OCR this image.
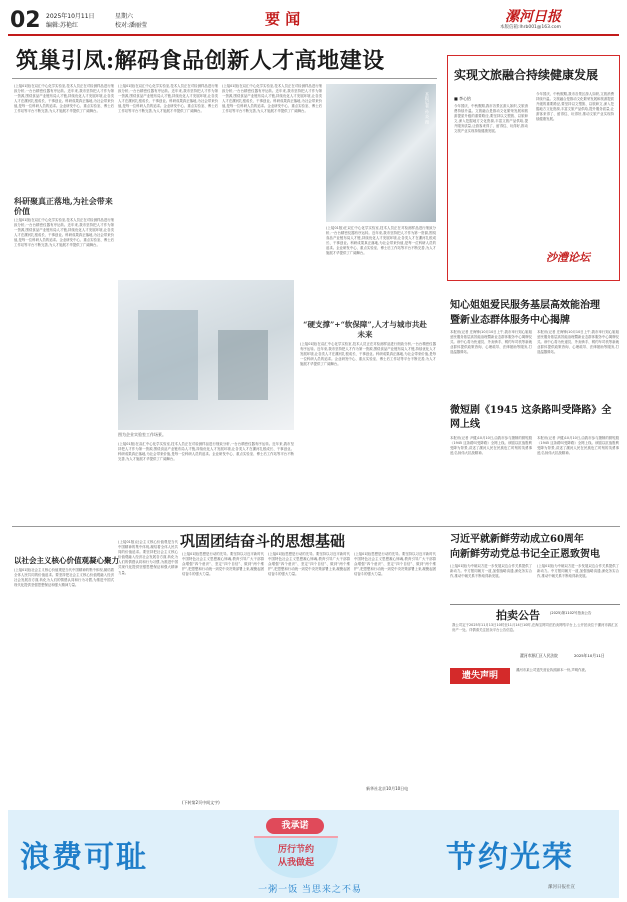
02 2025年10月11日	星期六
编辑:苏艳红	校对:潘丽莹	要 闻	漯河日报
本版信箱:lhrb001@163.com
筑巢引凤:解码食品创新人才高地建设
(上接01版)在双汇中心化学实验室,技术人员正在对检测样品进行细致分析,一台台精密仪器有序运转。近年来,我市坚持把人才作为第一资源,围绕食品产业链布局人才链,持续优化人才发展环境,让各类人才在漯河扎根成长、干事创业。科研成果真正落地,为社会带来价值,是每一位科研人员的追求。企业研发中心、重点实验室、博士后工作站等平台不断完善,为人才施展才华提供了广阔舞台。
科研聚真正落地,为社会带来价值
(上接01版)在双汇中心化学实验室,技术人员正在对检测样品进行细致分析,一台台精密仪器有序运转。近年来,我市坚持把人才作为第一资源,围绕食品产业链布局人才链,持续优化人才发展环境,让各类人才在漯河扎根成长、干事创业。科研成果真正落地,为社会带来价值,是每一位科研人员的追求。企业研发中心、重点实验室、博士后工作站等平台不断完善,为人才施展才华提供了广阔舞台。
(上接01版)在双汇中心化学实验室,技术人员正在对检测样品进行细致分析,一台台精密仪器有序运转。近年来,我市坚持把人才作为第一资源,围绕食品产业链布局人才链,持续优化人才发展环境,让各类人才在漯河扎根成长、干事创业。科研成果真正落地,为社会带来价值,是每一位科研人员的追求。企业研发中心、重点实验室、博士后工作站等平台不断完善,为人才施展才华提供了广阔舞台。
(上接01版)在双汇中心化学实验室,技术人员正在对检测样品进行细致分析,一台台精密仪器有序运转。近年来,我市坚持把人才作为第一资源,围绕食品产业链布局人才链,持续优化人才发展环境,让各类人才在漯河扎根成长、干事创业。科研成果真正落地,为社会带来价值,是每一位科研人员的追求。企业研发中心、重点实验室、博士后工作站等平台不断完善,为人才施展才华提供了广阔舞台。	本报记者 孙 炎 摄
(上接01版)在双汇中心化学实验室,技术人员正在对检测样品进行细致分析,一台台精密仪器有序运转。近年来,我市坚持把人才作为第一资源,围绕食品产业链布局人才链,持续优化人才发展环境,让各类人才在漯河扎根成长、干事创业。科研成果真正落地,为社会带来价值,是每一位科研人员的追求。企业研发中心、重点实验室、博士后工作站等平台不断完善,为人才施展才华提供了广阔舞台。
图为企业实验室工作场景。
“硬支撑”+“软保障”,人才与城市共赴未来
(上接01版)在双汇中心化学实验室,技术人员正在对检测样品进行细致分析,一台台精密仪器有序运转。近年来,我市坚持把人才作为第一资源,围绕食品产业链布局人才链,持续优化人才发展环境,让各类人才在漯河扎根成长、干事创业。科研成果真正落地,为社会带来价值,是每一位科研人员的追求。企业研发中心、重点实验室、博士后工作站等平台不断完善,为人才施展才华提供了广阔舞台。
(上接01版)在双汇中心化学实验室,技术人员正在对检测样品进行细致分析,一台台精密仪器有序运转。近年来,我市坚持把人才作为第一资源,围绕食品产业链布局人才链,持续优化人才发展环境,让各类人才在漯河扎根成长、干事创业。科研成果真正落地,为社会带来价值,是每一位科研人员的追求。企业研发中心、重点实验室、博士后工作站等平台不断完善,为人才施展才华提供了广阔舞台。
实现文旅融合持续健康发展
■ 李心怡
今年国庆、中秋假期,我市各景区游人如织,文旅消费持续升温。文旅融合是推动文化繁荣发展和旅游提质升级的重要路径,要坚持以文塑旅、以旅彰文,深入挖掘地方文化资源,丰富文旅产品供给,提升服务质量,让游客来得了、留得住、玩得好,推动文旅产业实现持续健康发展。
今年国庆、中秋假期,我市各景区游人如织,文旅消费持续升温。文旅融合是推动文化繁荣发展和旅游提质升级的重要路径,要坚持以文塑旅、以旅彰文,深入挖掘地方文化资源,丰富文旅产品供给,提升服务质量,让游客来得了、留得住、玩得好,推动文旅产业实现持续健康发展。
沙澧论坛
知心姐姐爱民服务基层高效能治理
暨新业态群体服务中心揭牌
本报讯(记者 庄海锋)10月10日上午,我市举行知心姐姐爱民服务基层高效能治理暨新业态群体服务中心揭牌仪式。该中心将为快递员、外卖骑手、网约车司机等新就业群体提供政策咨询、心理疏导、法律援助等服务,打造温馨驿站。
本报讯(记者 庄海锋)10月10日上午,我市举行知心姐姐爱民服务基层高效能治理暨新业态群体服务中心揭牌仪式。该中心将为快递员、外卖骑手、网约车司机等新就业群体提供政策咨询、心理疏导、法律援助等服务,打造温馨驿站。
微短剧《1945 这条路叫受降路》全网上线
本报讯(记者 尹健)10月10日,由我市参与摄制的微短剧《1945 这条路叫受降路》全网上线。该剧以抗战胜利受降为背景,讲述了漯河人民在民族危亡时刻的英勇事迹,弘扬伟大抗战精神。
本报讯(记者 尹健)10月10日,由我市参与摄制的微短剧《1945 这条路叫受降路》全网上线。该剧以抗战胜利受降为背景,讲述了漯河人民在民族危亡时刻的英勇事迹,弘扬伟大抗战精神。
以社会主义核心价值观凝心聚力
(上接01版)社会主义核心价值观是当代中国精神的集中体现,凝结着全体人民共同的价值追求。要坚持把社会主义核心价值观融入经济社会发展各方面,转化为人们的情感认同和行为习惯,为推进中国式现代化提供坚强思想保证和强大精神力量。
(上接01版)社会主义核心价值观是当代中国精神的集中体现,凝结着全体人民共同的价值追求。要坚持把社会主义核心价值观融入经济社会发展各方面,转化为人们的情感认同和行为习惯,为推进中国式现代化提供坚强思想保证和强大精神力量。
巩固团结奋斗的思想基础
(上接01版)思想是行动的先导。要坚持以习近平新时代中国特色社会主义思想凝心铸魂,教育引导广大干部群众增强“四个意识”、坚定“四个自信”、做到“两个维护”,把思想和行动统一到党中央决策部署上来,凝聚起团结奋斗的强大力量。
(上接01版)思想是行动的先导。要坚持以习近平新时代中国特色社会主义思想凝心铸魂,教育引导广大干部群众增强“四个意识”、坚定“四个自信”、做到“两个维护”,把思想和行动统一到党中央决策部署上来,凝聚起团结奋斗的强大力量。
(上接01版)思想是行动的先导。要坚持以习近平新时代中国特色社会主义思想凝心铸魂,教育引导广大干部群众增强“四个意识”、坚定“四个自信”、做到“两个维护”,把思想和行动统一到党中央决策部署上来,凝聚起团结奋斗的强大力量。
新华社北京10月10日电
(下转第2页中间文字)
习近平就新鲜劳动成立60周年
向新鲜劳动党总书记全正恩致贺电
(上接01版)为中朝双方进一步发展双边合作关系提供了新动力。中方愿同朝方一道,加强战略沟通,深化务实合作,推动中朝关系不断取得新发展。
(上接01版)为中朝双方进一步发展双边合作关系提供了新动力。中方愿同朝方一道,加强战略沟通,深化务实合作,推动中朝关系不断取得新发展。
拍卖公告	(2025)第1102号拍卖公告
我公司定于2025年11月13日10时至11月14日10时,在淘宝网司法拍卖网络平台上,公开拍卖位于漯河市源汇区房产一处。详情请关注拍卖平台公告信息。
漯河市源汇区人民法院	2025年10月11日
遗失声明
漯河市某公司遗失营业执照副本一份,声明作废。
浪费可耻	节约光荣
我承诺
厉行节约
从我做起
一粥一饭 当思来之不易	漯河日报社宣
